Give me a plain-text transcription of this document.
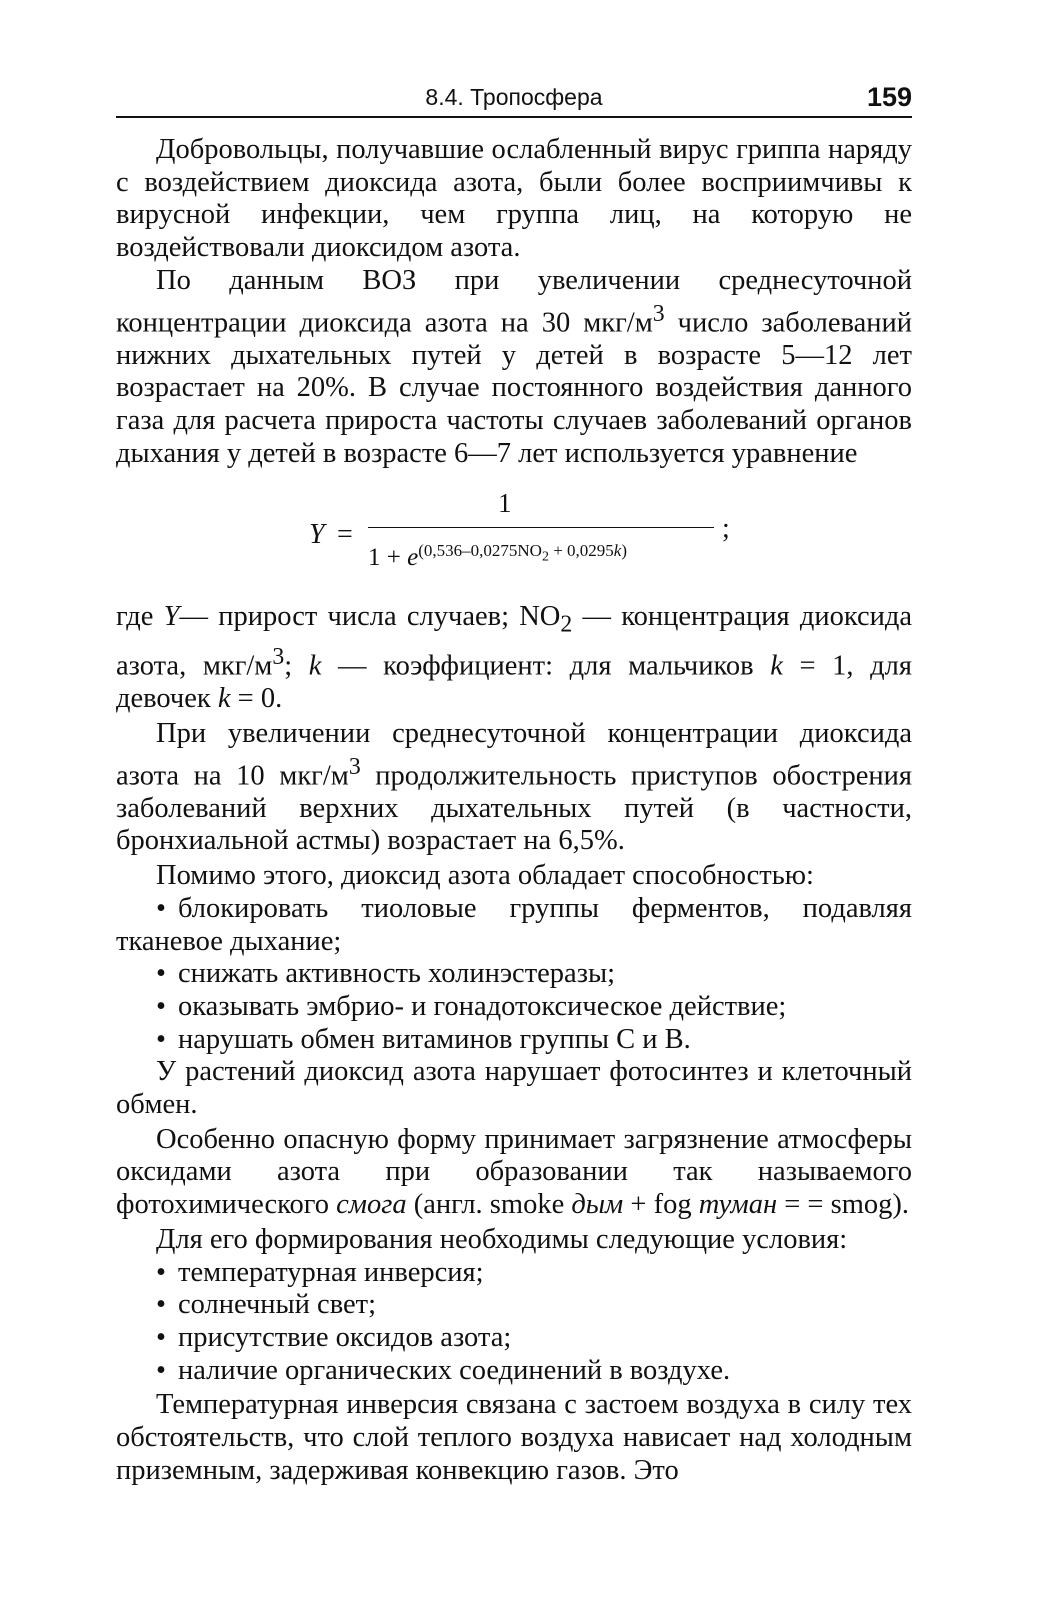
8.4. Тропосфера	159

Добровольцы, получавшие ослабленный вирус гриппа наряду с воздействием диоксида азота, были более восприимчивы к вирусной инфекции, чем группа лиц, на которую не воздействовали диоксидом азота.

По данным ВОЗ при увеличении среднесуточной концентрации диоксида азота на 30 мкг/$м^3$ число заболеваний нижних дыхательных путей у детей в возрасте 5—12 лет возрастает на 20%. В случае постоянного воздействия данного газа для расчета прироста частоты случаев заболеваний органов дыхания у детей в возрасте 6—7 лет используется уравнение

Y =
1
$1 + e^{(0,536-0,0275NO_2 + 0,0295k)}$
;

где Y— прирост числа случаев; $NO_2$ — концентрация диоксида азота, мкг/$м^3$; k — коэффициент: для мальчиков k = 1, для девочек k = 0.

При увеличении среднесуточной концентрации диоксида азота на 10 мкг/$м^3$ продолжительность приступов обострения заболеваний верхних дыхательных путей (в частности, бронхиальной астмы) возрастает на 6,5%.

Помимо этого, диоксид азота обладает способностью:

• блокировать тиоловые группы ферментов, подавляя тканевое дыхание;

• снижать активность холинэстеразы;

• оказывать эмбрио- и гонадотоксическое действие;

• нарушать обмен витаминов группы С и В.

У растений диоксид азота нарушает фотосинтез и клеточный обмен.

Особенно опасную форму принимает загрязнение атмосферы оксидами азота при образовании так называемого фотохимического смога (англ. smoke дым + fog туман = = smog).

Для его формирования необходимы следующие условия:

• температурная инверсия;

• солнечный свет;

• присутствие оксидов азота;

• наличие органических соединений в воздухе.

Температурная инверсия связана с застоем воздуха в силу тех обстоятельств, что слой теплого воздуха нависает над холодным приземным, задерживая конвекцию газов. Это
